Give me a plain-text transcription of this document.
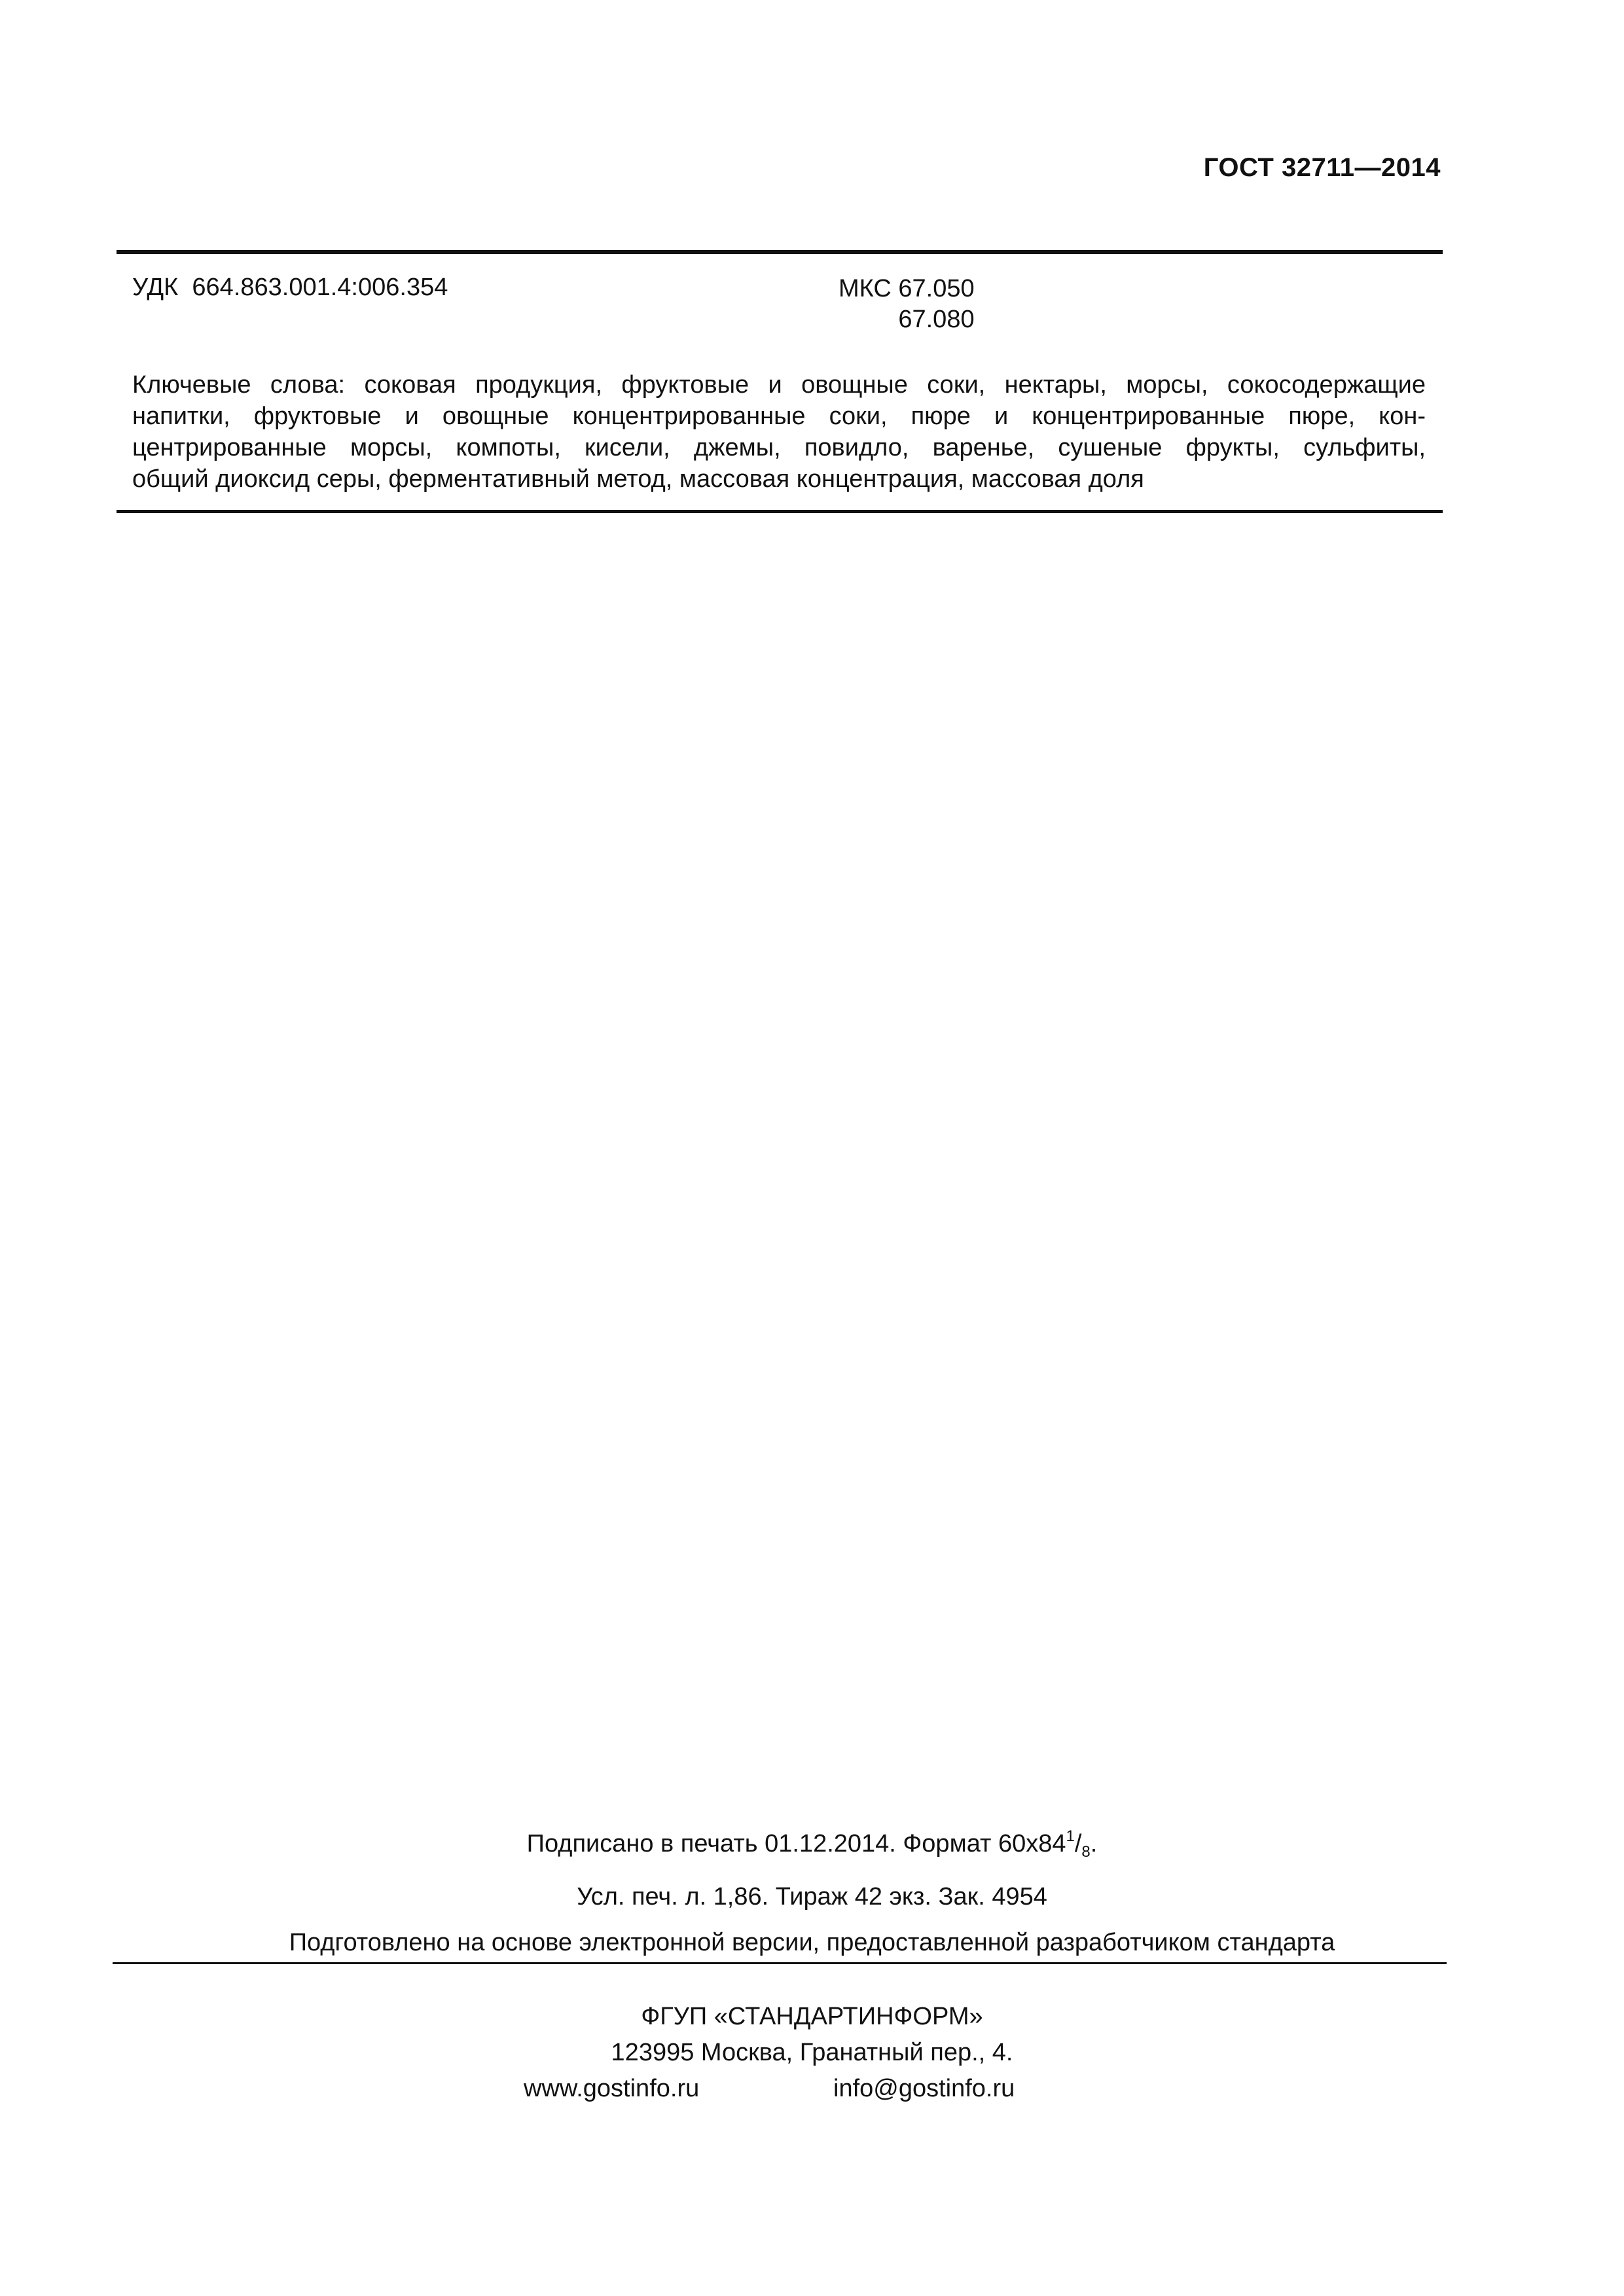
ГОСТ 32711—2014
УДК  664.863.001.4:006.354	МКС 67.050
67.080
Ключевые слова: соковая продукция, фруктовые и овощные соки, нектары, морсы, сокосодержащие
напитки, фруктовые и овощные концентрированные соки, пюре и концентрированные пюре, кон-
центрированные морсы, компоты, кисели, джемы, повидло, варенье, сушеные фрукты, сульфиты,
общий диоксид серы, ферментативный метод, массовая концентрация, массовая доля
Подписано в печать 01.12.2014. Формат $60х84^1/_8$.
Усл. печ. л. 1,86. Тираж 42 экз. Зак. 4954
Подготовлено на основе электронной версии, предоставленной разработчиком стандарта
ФГУП «СТАНДАРТИНФОРМ»
123995 Москва, Гранатный пер., 4.
www.gostinfo.ru	info@gostinfo.ru
